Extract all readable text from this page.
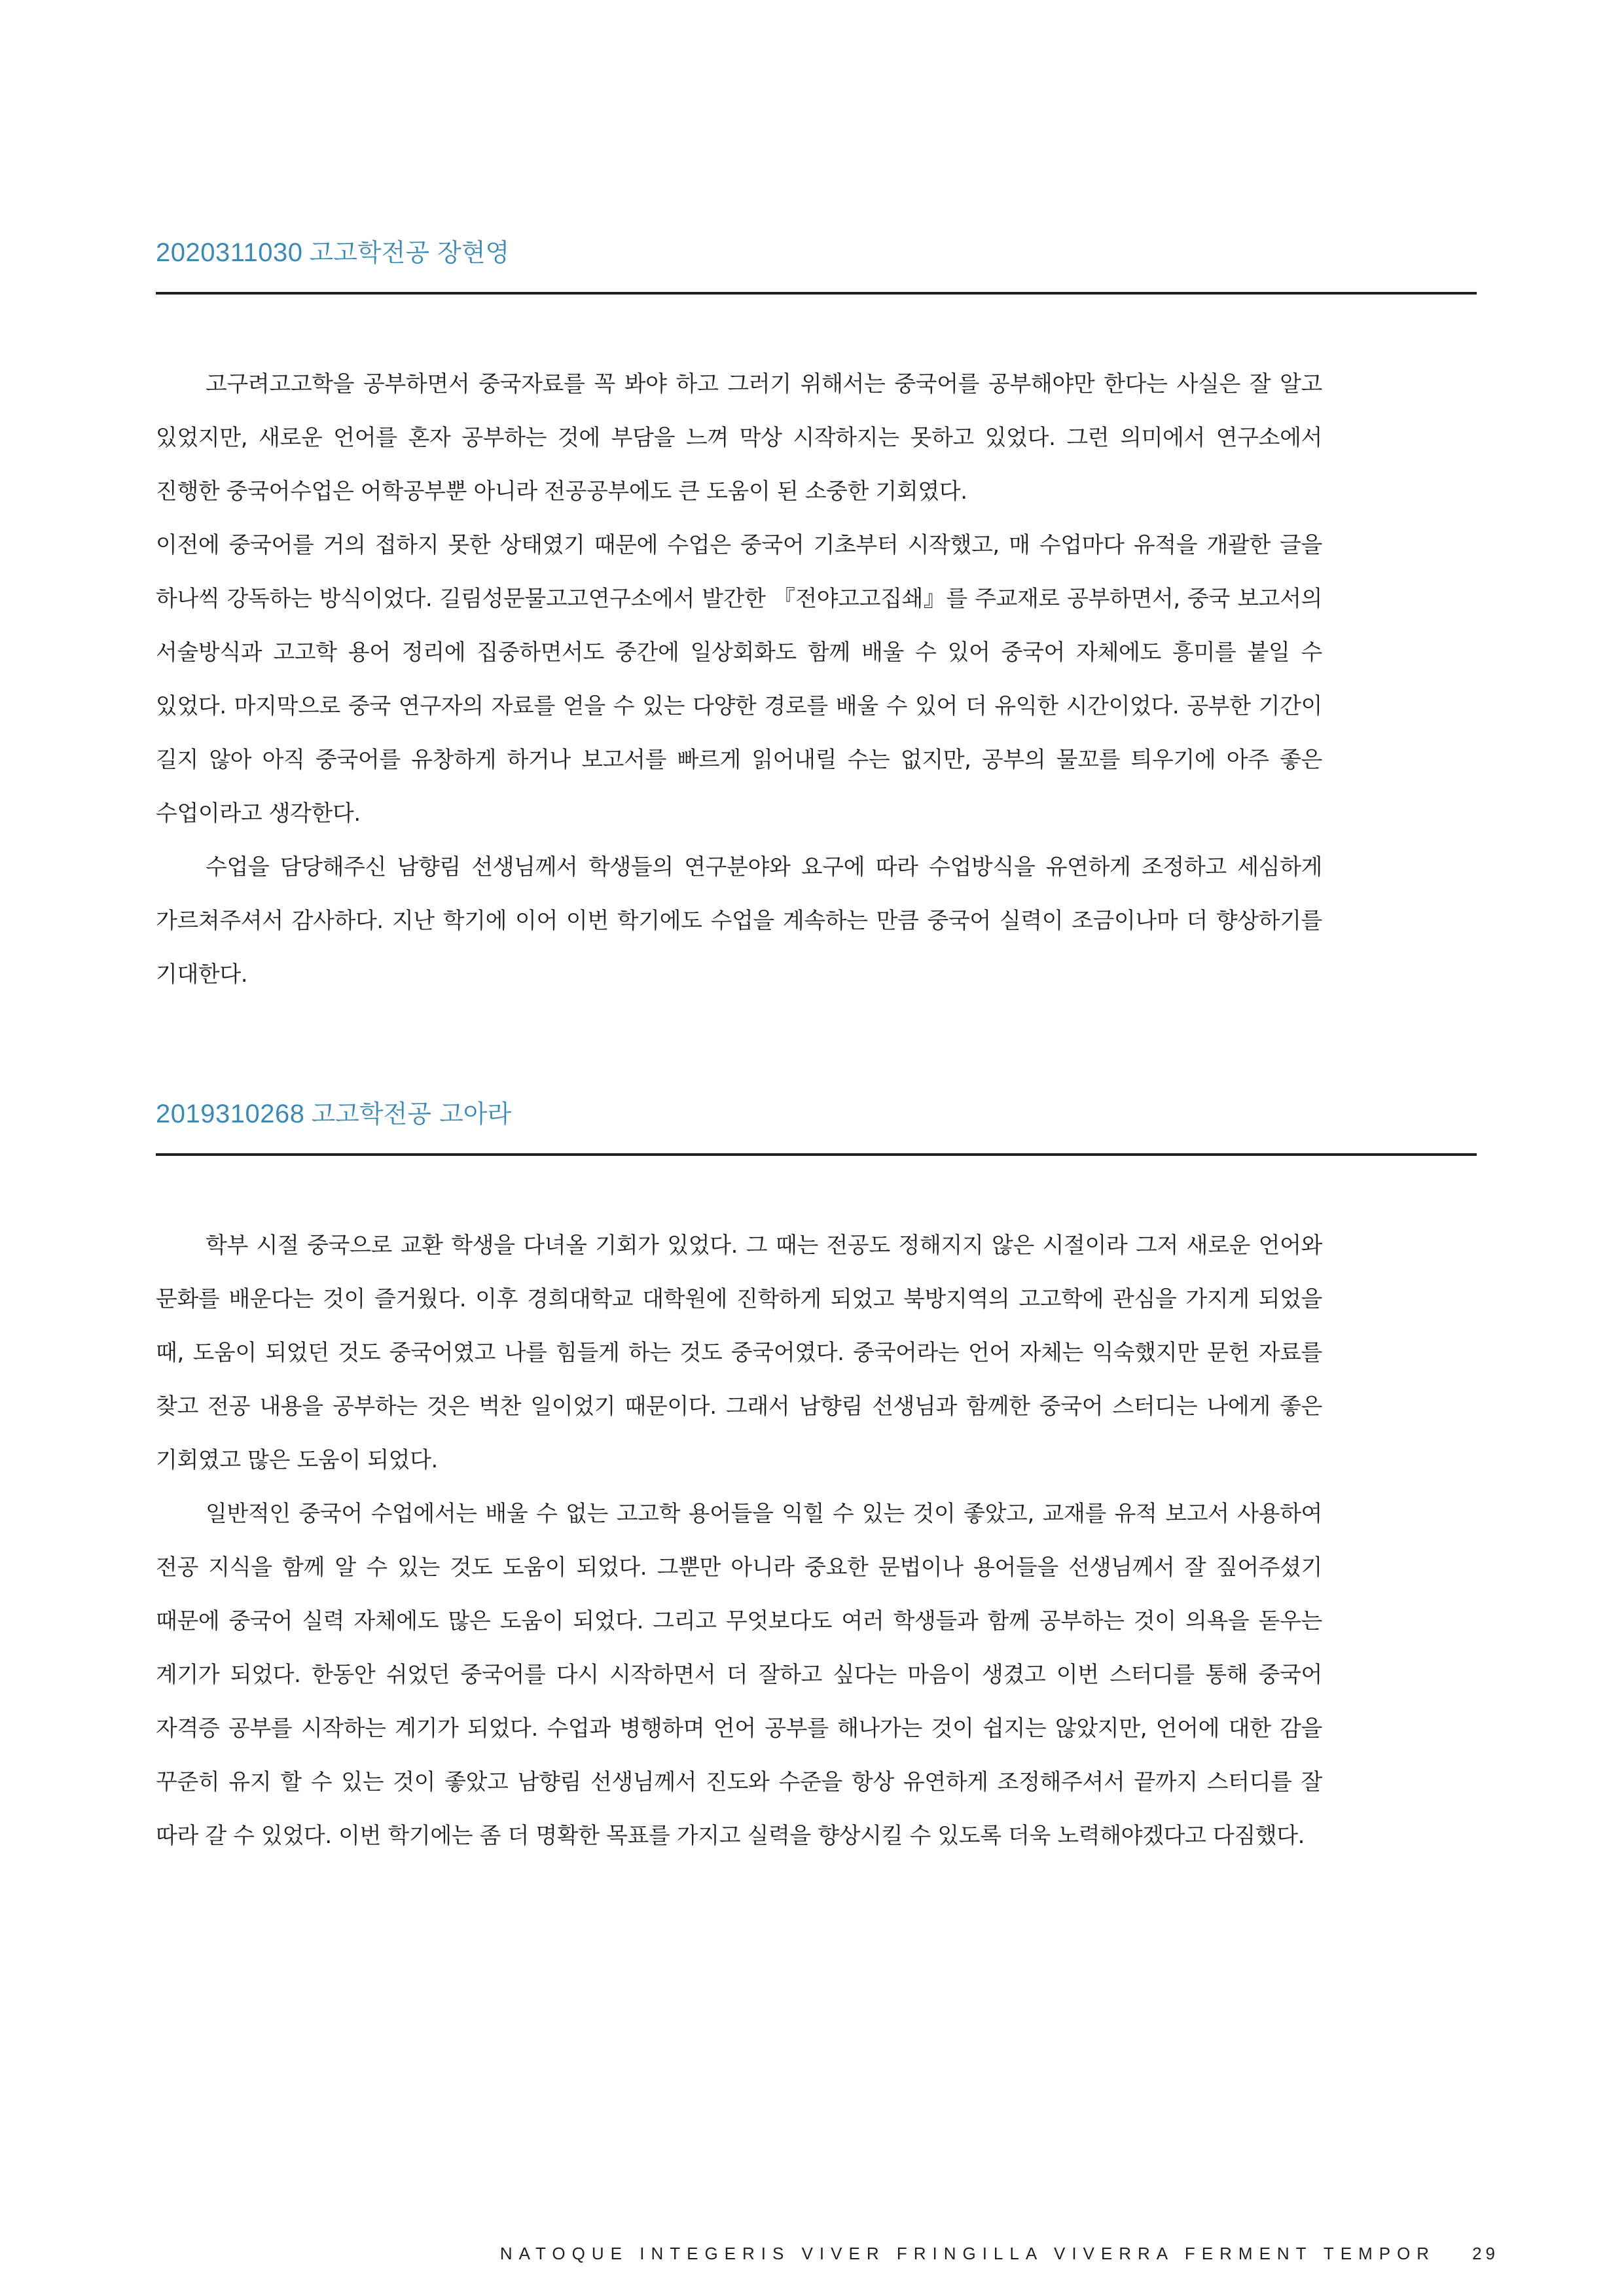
2020311030 고고학전공 장현영

고구려고고학을 공부하면서 중국자료를 꼭 봐야 하고 그러기 위해서는 중국어를 공부해야만 한다는 사실은 잘 알고 있었지만, 새로운 언어를 혼자 공부하는 것에 부담을 느껴 막상 시작하지는 못하고 있었다. 그런 의미에서 연구소에서 진행한 중국어수업은 어학공부뿐 아니라 전공공부에도 큰 도움이 된 소중한 기회였다.

이전에 중국어를 거의 접하지 못한 상태였기 때문에 수업은 중국어 기초부터 시작했고, 매 수업마다 유적을 개괄한 글을 하나씩 강독하는 방식이었다. 길림성문물고고연구소에서 발간한 『전야고고집쇄』를 주교재로 공부하면서, 중국 보고서의 서술방식과 고고학 용어 정리에 집중하면서도 중간에 일상회화도 함께 배울 수 있어 중국어 자체에도 흥미를 붙일 수 있었다. 마지막으로 중국 연구자의 자료를 얻을 수 있는 다양한 경로를 배울 수 있어 더 유익한 시간이었다. 공부한 기간이 길지 않아 아직 중국어를 유창하게 하거나 보고서를 빠르게 읽어내릴 수는 없지만, 공부의 물꼬를 틔우기에 아주 좋은 수업이라고 생각한다.

수업을 담당해주신 남향림 선생님께서 학생들의 연구분야와 요구에 따라 수업방식을 유연하게 조정하고 세심하게 가르쳐주셔서 감사하다. 지난 학기에 이어 이번 학기에도 수업을 계속하는 만큼 중국어 실력이 조금이나마 더 향상하기를 기대한다.

2019310268 고고학전공 고아라

학부 시절 중국으로 교환 학생을 다녀올 기회가 있었다. 그 때는 전공도 정해지지 않은 시절이라 그저 새로운 언어와 문화를 배운다는 것이 즐거웠다. 이후 경희대학교 대학원에 진학하게 되었고 북방지역의 고고학에 관심을 가지게 되었을 때, 도움이 되었던 것도 중국어였고 나를 힘들게 하는 것도 중국어였다. 중국어라는 언어 자체는 익숙했지만 문헌 자료를 찾고 전공 내용을 공부하는 것은 벅찬 일이었기 때문이다. 그래서 남향림 선생님과 함께한 중국어 스터디는 나에게 좋은 기회였고 많은 도움이 되었다.

일반적인 중국어 수업에서는 배울 수 없는 고고학 용어들을 익힐 수 있는 것이 좋았고, 교재를 유적 보고서 사용하여 전공 지식을 함께 알 수 있는 것도 도움이 되었다. 그뿐만 아니라 중요한 문법이나 용어들을 선생님께서 잘 짚어주셨기 때문에 중국어 실력 자체에도 많은 도움이 되었다. 그리고 무엇보다도 여러 학생들과 함께 공부하는 것이 의욕을 돋우는 계기가 되었다. 한동안 쉬었던 중국어를 다시 시작하면서 더 잘하고 싶다는 마음이 생겼고 이번 스터디를 통해 중국어 자격증 공부를 시작하는 계기가 되었다. 수업과 병행하며 언어 공부를 해나가는 것이 쉽지는 않았지만, 언어에 대한 감을 꾸준히 유지 할 수 있는 것이 좋았고 남향림 선생님께서 진도와 수준을 항상 유연하게 조정해주셔서 끝까지 스터디를 잘 따라 갈 수 있었다. 이번 학기에는 좀 더 명확한 목표를 가지고 실력을 향상시킬 수 있도록 더욱 노력해야겠다고 다짐했다.

NATOQUE INTEGERIS VIVER FRINGILLA VIVERRA FERMENT TEMPOR 29
